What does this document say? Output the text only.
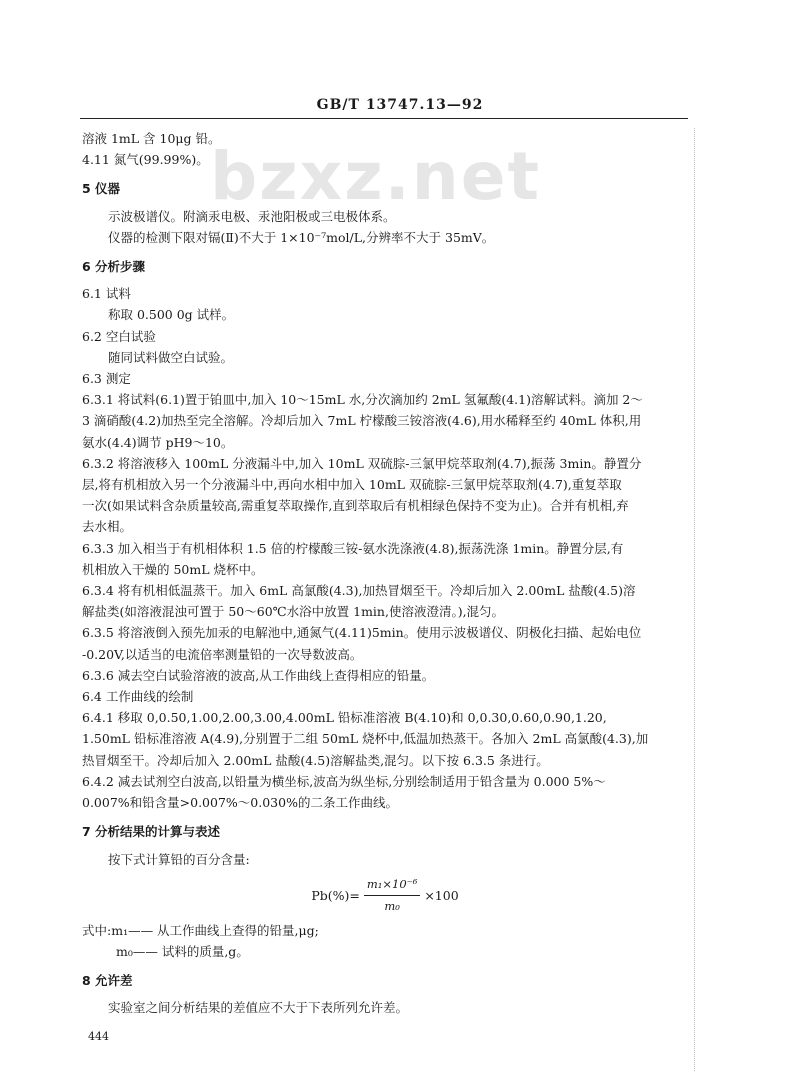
GB/T 13747.13—92
bzxz.net
溶液 1mL 含 10μg 铅。
4.11 氮气(99.99%)。
5 仪器
示波极谱仪。附滴汞电极、汞池阳极或三电极体系。
仪器的检测下限对镉(Ⅱ)不大于 1×10⁻⁷mol/L,分辨率不大于 35mV。
6 分析步骤
6.1 试料
称取 0.500 0g 试样。
6.2 空白试验
随同试料做空白试验。
6.3 测定
6.3.1 将试料(6.1)置于铂皿中,加入 10～15mL 水,分次滴加约 2mL 氢氟酸(4.1)溶解试料。滴加 2～
3 滴硝酸(4.2)加热至完全溶解。冷却后加入 7mL 柠檬酸三铵溶液(4.6),用水稀释至约 40mL 体积,用
氨水(4.4)调节 pH9～10。
6.3.2 将溶液移入 100mL 分液漏斗中,加入 10mL 双硫腙-三氯甲烷萃取剂(4.7),振荡 3min。静置分
层,将有机相放入另一个分液漏斗中,再向水相中加入 10mL 双硫腙-三氯甲烷萃取剂(4.7),重复萃取
一次(如果试料含杂质量较高,需重复萃取操作,直到萃取后有机相绿色保持不变为止)。合并有机相,弃
去水相。
6.3.3 加入相当于有机相体积 1.5 倍的柠檬酸三铵-氨水洗涤液(4.8),振荡洗涤 1min。静置分层,有
机相放入干燥的 50mL 烧杯中。
6.3.4 将有机相低温蒸干。加入 6mL 高氯酸(4.3),加热冒烟至干。冷却后加入 2.00mL 盐酸(4.5)溶
解盐类(如溶液混浊可置于 50～60℃水浴中放置 1min,使溶液澄清。),混匀。
6.3.5 将溶液倒入预先加汞的电解池中,通氮气(4.11)5min。使用示波极谱仪、阴极化扫描、起始电位
-0.20V,以适当的电流倍率测量铅的一次导数波高。
6.3.6 减去空白试验溶液的波高,从工作曲线上查得相应的铅量。
6.4 工作曲线的绘制
6.4.1 移取 0,0.50,1.00,2.00,3.00,4.00mL 铅标准溶液 B(4.10)和 0,0.30,0.60,0.90,1.20,
1.50mL 铅标准溶液 A(4.9),分别置于二组 50mL 烧杯中,低温加热蒸干。各加入 2mL 高氯酸(4.3),加
热冒烟至干。冷却后加入 2.00mL 盐酸(4.5)溶解盐类,混匀。以下按 6.3.5 条进行。
6.4.2 减去试剂空白波高,以铅量为横坐标,波高为纵坐标,分别绘制适用于铅含量为 0.000 5%～
0.007%和铅含量>0.007%～0.030%的二条工作曲线。
7 分析结果的计算与表述
按下式计算铅的百分含量:
$Pb(\%)= \frac{\text{m₁×10⁻⁶}}{\text{m₀}} \times 100$
式中:m₁—— 从工作曲线上查得的铅量,μg;
m₀—— 试料的质量,g。
8 允许差
实验室之间分析结果的差值应不大于下表所列允许差。
444
